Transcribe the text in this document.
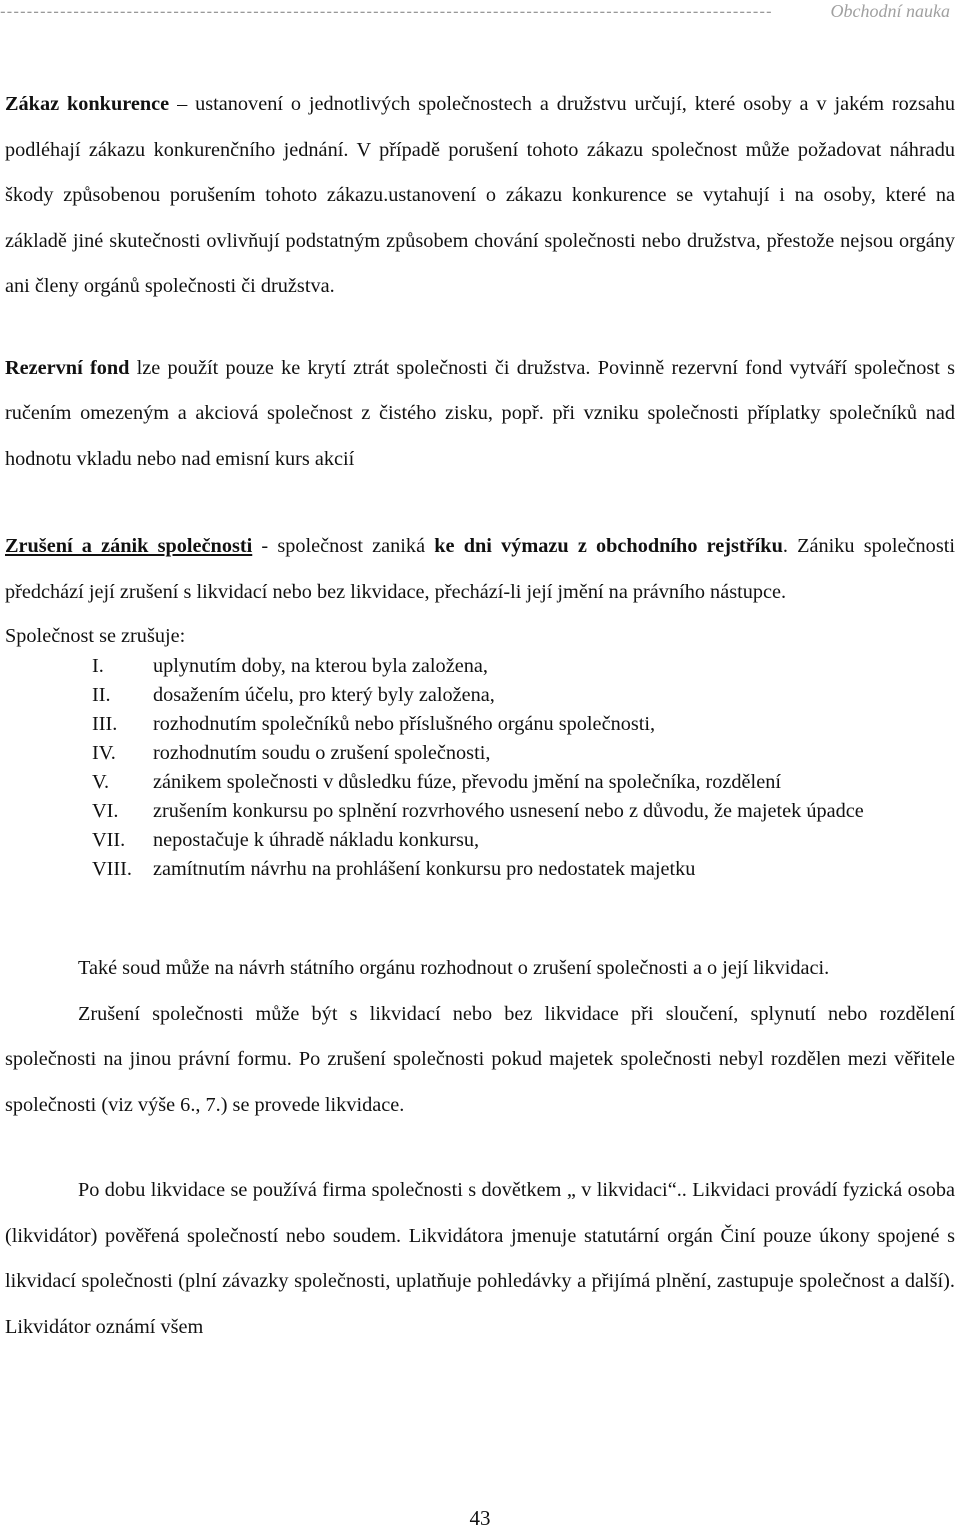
--------------------------------------------------------------------------------------------------------------------	Obchodní nauka

Zákaz konkurence – ustanovení o jednotlivých společnostech a družstvu určují, které osoby a v jakém rozsahu podléhají zákazu konkurenčního jednání. V případě porušení tohoto zákazu společnost může požadovat náhradu škody způsobenou porušením tohoto zákazu.ustanovení o zákazu konkurence se vytahují i na osoby, které na základě jiné skutečnosti ovlivňují podstatným způsobem chování společnosti nebo družstva, přestože nejsou orgány ani členy orgánů společnosti či družstva.

Rezervní fond lze použít pouze ke krytí ztrát společnosti či družstva. Povinně rezervní fond vytváří společnost s ručením omezeným a akciová společnost z čistého zisku, popř. při vzniku společnosti příplatky společníků nad hodnotu vkladu nebo nad emisní kurs akcií

Zrušení a zánik společnosti - společnost zaniká ke dni výmazu z obchodního rejstříku. Zániku společnosti předchází její zrušení s likvidací nebo bez likvidace, přechází-li její jmění na právního nástupce.

Společnost se zrušuje:

I. uplynutím doby, na kterou byla založena,
II. dosažením účelu, pro který byly založena,
III. rozhodnutím společníků nebo příslušného orgánu společnosti,
IV. rozhodnutím soudu o zrušení společnosti,
V. zánikem společnosti v důsledku fúze, převodu jmění na společníka, rozdělení
VI. zrušením konkursu po splnění rozvrhového usnesení nebo z důvodu, že majetek úpadce
VII. nepostačuje k úhradě nákladu konkursu,
VIII. zamítnutím návrhu na prohlášení konkursu pro nedostatek majetku

Také soud může na návrh státního orgánu rozhodnout o zrušení společnosti a o její likvidaci.

Zrušení společnosti může být s likvidací nebo bez likvidace při sloučení, splynutí nebo rozdělení společnosti na jinou právní formu. Po zrušení společnosti pokud majetek společnosti nebyl rozdělen mezi věřitele společnosti (viz výše 6., 7.) se provede likvidace.

Po dobu likvidace se používá firma společnosti s dovětkem „ v likvidaci“.. Likvidaci provádí fyzická osoba (likvidátor) pověřená společností nebo soudem. Likvidátora jmenuje statutární orgán Činí pouze úkony spojené s likvidací společnosti (plní závazky společnosti, uplatňuje pohledávky a přijímá plnění, zastupuje společnost a další). Likvidátor oznámí všem

43
